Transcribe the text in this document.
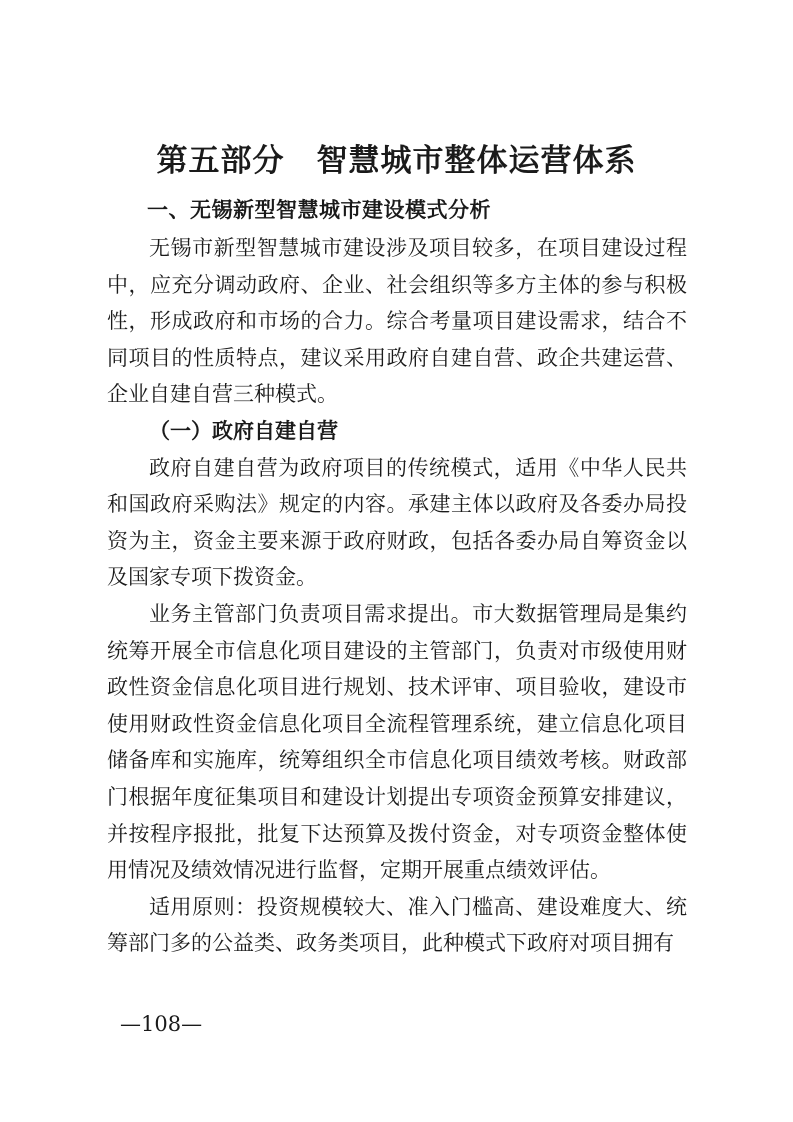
第五部分　智慧城市整体运营体系
一、无锡新型智慧城市建设模式分析

无锡市新型智慧城市建设涉及项目较多，在项目建设过程中，应充分调动政府、企业、社会组织等多方主体的参与积极性，形成政府和市场的合力。综合考量项目建设需求，结合不同项目的性质特点，建议采用政府自建自营、政企共建运营、企业自建自营三种模式。

（一）政府自建自营

政府自建自营为政府项目的传统模式，适用《中华人民共和国政府采购法》规定的内容。承建主体以政府及各委办局投资为主，资金主要来源于政府财政，包括各委办局自筹资金以及国家专项下拨资金。

业务主管部门负责项目需求提出。市大数据管理局是集约统筹开展全市信息化项目建设的主管部门，负责对市级使用财政性资金信息化项目进行规划、技术评审、项目验收，建设市使用财政性资金信息化项目全流程管理系统，建立信息化项目储备库和实施库，统筹组织全市信息化项目绩效考核。财政部门根据年度征集项目和建设计划提出专项资金预算安排建议，并按程序报批，批复下达预算及拨付资金，对专项资金整体使用情况及绩效情况进行监督，定期开展重点绩效评估。

适用原则：投资规模较大、准入门槛高、建设难度大、统筹部门多的公益类、政务类项目，此种模式下政府对项目拥有

—108—
